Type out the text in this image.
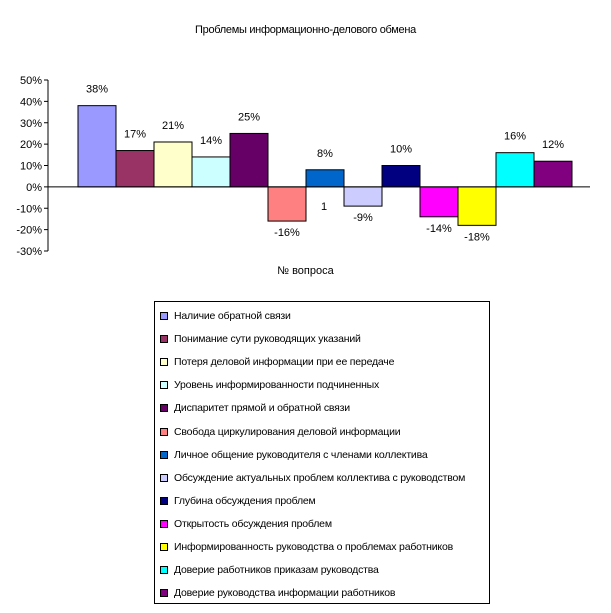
Проблемы информационно-делового обмена
50%
40%
30%
20%
10%
0%
-10%
-20%
-30%
38%
17%
21%
14%
25%
-16%
8%
-9%
10%
-14%
-18%
16%
12%
1
№ вопроса
Наличие обратной связи
Понимание сути руководящих указаний
Потеря деловой информации при ее передаче
Уровень информированности подчиненных
Диспаритет прямой и обратной связи
Свобода циркулирования деловой информации
Личное общение руководителя с членами коллектива
Обсуждение актуальных проблем коллектива с руководством
Глубина обсуждения проблем
Открытость обсуждения проблем
Информированность руководства о проблемах работников
Доверие работников приказам руководства
Доверие руководства информации работников
